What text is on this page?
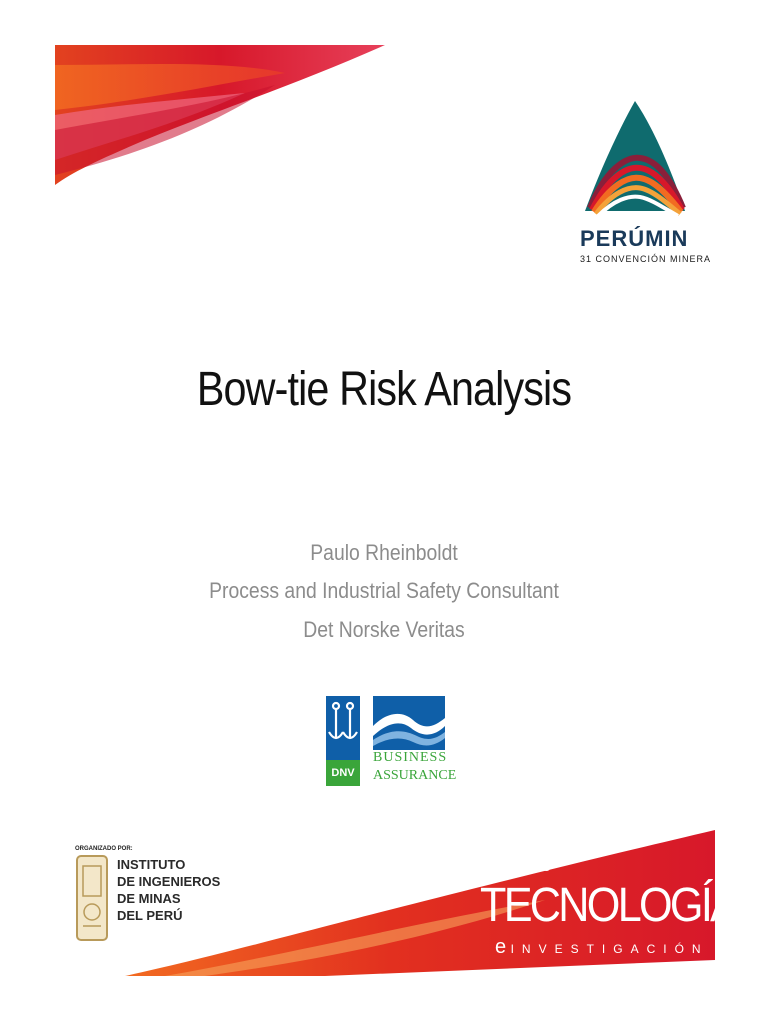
PERÚMIN
31 CONVENCIÓN MINERA
Bow-tie Risk Analysis
Paulo Rheinboldt
Process and Industrial Safety Consultant
Det Norske Veritas
DNV
BUSINESS
ASSURANCE
ORGANIZADO POR:
INSTITUTO
DE INGENIEROS
DE MINAS
DEL PERÚ
ENCUENTRO
TECNOLOGÍA
e INVESTIGACIÓN
